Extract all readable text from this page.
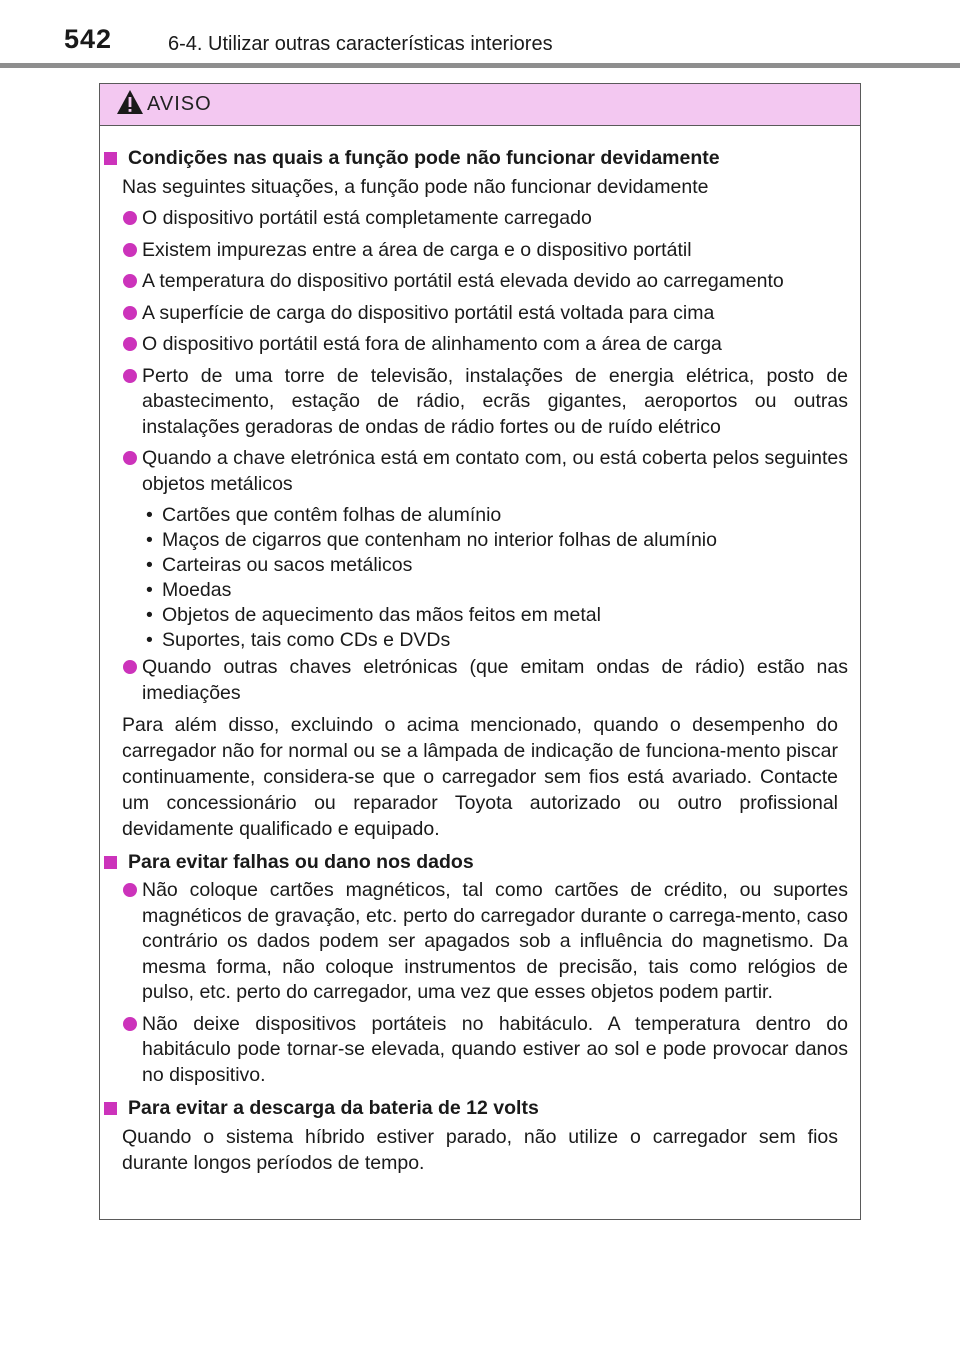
542	6-4. Utilizar outras características interiores
AVISO
Condições nas quais a função pode não funcionar devidamente
Nas seguintes situações, a função pode não funcionar devidamente
O dispositivo portátil está completamente carregado
Existem impurezas entre a área de carga e o dispositivo portátil
A temperatura do dispositivo portátil está elevada devido ao carregamento
A superfície de carga do dispositivo portátil está voltada para cima
O dispositivo portátil está fora de alinhamento com a área de carga
Perto de uma torre de televisão, instalações de energia elétrica, posto de abastecimento, estação de rádio, ecrãs gigantes, aeroportos ou outras instalações geradoras de ondas de rádio fortes ou de ruído elétrico
Quando a chave eletrónica está em contato com, ou está coberta pelos seguintes objetos metálicos
• Cartões que contêm folhas de alumínio
• Maços de cigarros que contenham no interior folhas de alumínio
• Carteiras ou sacos metálicos
• Moedas
• Objetos de aquecimento das mãos feitos em metal
• Suportes, tais como CDs e DVDs
Quando outras chaves eletrónicas (que emitam ondas de rádio) estão nas imediações
Para além disso, excluindo o acima mencionado, quando o desempenho do carregador não for normal ou se a lâmpada de indicação de funciona-mento piscar continuamente, considera-se que o carregador sem fios está avariado. Contacte um concessionário ou reparador Toyota autorizado ou outro profissional devidamente qualificado e equipado.
Para evitar falhas ou dano nos dados
Não coloque cartões magnéticos, tal como cartões de crédito, ou suportes magnéticos de gravação, etc. perto do carregador durante o carrega-mento, caso contrário os dados podem ser apagados sob a influência do magnetismo. Da mesma forma, não coloque instrumentos de precisão, tais como relógios de pulso, etc. perto do carregador, uma vez que esses objetos podem partir.
Não deixe dispositivos portáteis no habitáculo. A temperatura dentro do habitáculo pode tornar-se elevada, quando estiver ao sol e pode provocar danos no dispositivo.
Para evitar a descarga da bateria de 12 volts
Quando o sistema híbrido estiver parado, não utilize o carregador sem fios durante longos períodos de tempo.
